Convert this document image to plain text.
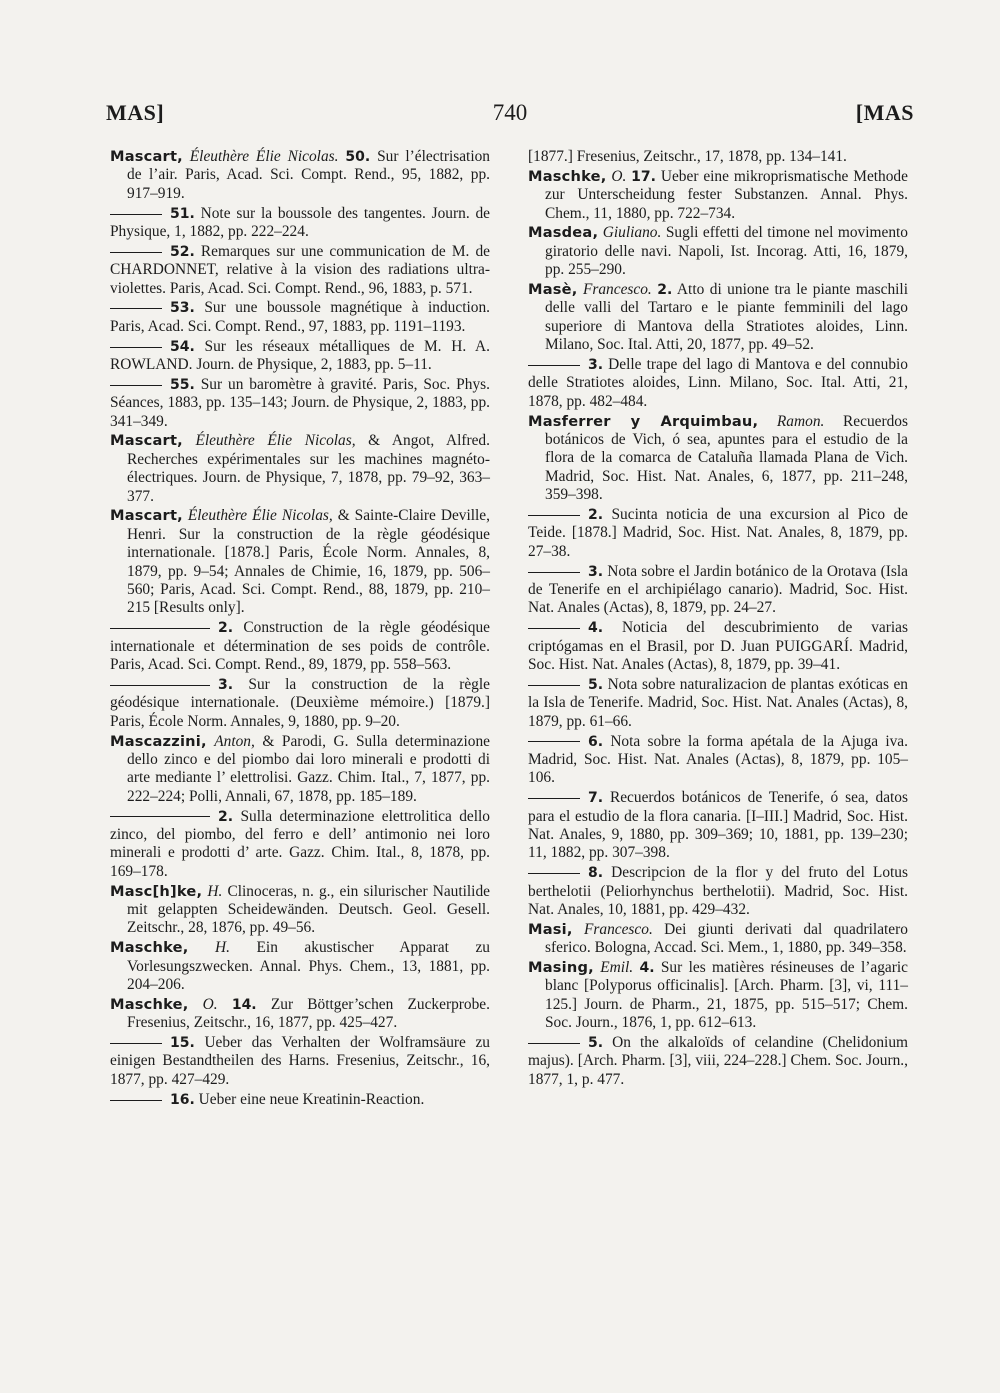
MAS]	740	[MAS

Mascart, Éleuthère Élie Nicolas. 50. Sur l’électrisation de l’air. Paris, Acad. Sci. Compt. Rend., 95, 1882, pp. 917–919.

51. Note sur la boussole des tangentes. Journ. de Physique, 1, 1882, pp. 222–224.

52. Remarques sur une communication de M. de CHARDONNET, relative à la vision des radiations ultra-violettes. Paris, Acad. Sci. Compt. Rend., 96, 1883, p. 571.

53. Sur une boussole magnétique à induction. Paris, Acad. Sci. Compt. Rend., 97, 1883, pp. 1191–1193.

54. Sur les réseaux métalliques de M. H. A. ROWLAND. Journ. de Physique, 2, 1883, pp. 5–11.

55. Sur un baromètre à gravité. Paris, Soc. Phys. Séances, 1883, pp. 135–143; Journ. de Physique, 2, 1883, pp. 341–349.

Mascart, Éleuthère Élie Nicolas, & Angot, Alfred. Recherches expérimentales sur les machines magnéto-électriques. Journ. de Physique, 7, 1878, pp. 79–92, 363–377.

Mascart, Éleuthère Élie Nicolas, & Sainte-Claire Deville, Henri. Sur la construction de la règle géodésique internationale. [1878.] Paris, École Norm. Annales, 8, 1879, pp. 9–54; Annales de Chimie, 16, 1879, pp. 506–560; Paris, Acad. Sci. Compt. Rend., 88, 1879, pp. 210–215 [Results only].

2. Construction de la règle géodésique internationale et détermination de ses poids de contrôle. Paris, Acad. Sci. Compt. Rend., 89, 1879, pp. 558–563.

3. Sur la construction de la règle géodésique internationale. (Deuxième mémoire.) [1879.] Paris, École Norm. Annales, 9, 1880, pp. 9–20.

Mascazzini, Anton, & Parodi, G. Sulla determinazione dello zinco e del piombo dai loro minerali e prodotti di arte mediante l’ elettrolisi. Gazz. Chim. Ital., 7, 1877, pp. 222–224; Polli, Annali, 67, 1878, pp. 185–189.

2. Sulla determinazione elettrolitica dello zinco, del piombo, del ferro e dell’ antimonio nei loro minerali e prodotti d’ arte. Gazz. Chim. Ital., 8, 1878, pp. 169–178.

Masc[h]ke, H. Clinoceras, n. g., ein silurischer Nautilide mit gelappten Scheidewänden. Deutsch. Geol. Gesell. Zeitschr., 28, 1876, pp. 49–56.

Maschke, H. Ein akustischer Apparat zu Vorlesungszwecken. Annal. Phys. Chem., 13, 1881, pp. 204–206.

Maschke, O. 14. Zur Böttger’schen Zuckerprobe. Fresenius, Zeitschr., 16, 1877, pp. 425–427.

15. Ueber das Verhalten der Wolframsäure zu einigen Bestandtheilen des Harns. Fresenius, Zeitschr., 16, 1877, pp. 427–429.

16. Ueber eine neue Kreatinin-Reaction.

[1877.] Fresenius, Zeitschr., 17, 1878, pp. 134–141.

Maschke, O. 17. Ueber eine mikroprismatische Methode zur Unterscheidung fester Substanzen. Annal. Phys. Chem., 11, 1880, pp. 722–734.

Masdea, Giuliano. Sugli effetti del timone nel movimento giratorio delle navi. Napoli, Ist. Incorag. Atti, 16, 1879, pp. 255–290.

Masè, Francesco. 2. Atto di unione tra le piante maschili delle valli del Tartaro e le piante femminili del lago superiore di Mantova della Stratiotes aloides, Linn. Milano, Soc. Ital. Atti, 20, 1877, pp. 49–52.

3. Delle trape del lago di Mantova e del connubio delle Stratiotes aloides, Linn. Milano, Soc. Ital. Atti, 21, 1878, pp. 482–484.

Masferrer y Arquimbau, Ramon. Recuerdos botánicos de Vich, ó sea, apuntes para el estudio de la flora de la comarca de Cataluña llamada Plana de Vich. Madrid, Soc. Hist. Nat. Anales, 6, 1877, pp. 211–248, 359–398.

2. Sucinta noticia de una excursion al Pico de Teide. [1878.] Madrid, Soc. Hist. Nat. Anales, 8, 1879, pp. 27–38.

3. Nota sobre el Jardin botánico de la Orotava (Isla de Tenerife en el archipiélago canario). Madrid, Soc. Hist. Nat. Anales (Actas), 8, 1879, pp. 24–27.

4. Noticia del descubrimiento de varias criptógamas en el Brasil, por D. Juan PUIGGARÍ. Madrid, Soc. Hist. Nat. Anales (Actas), 8, 1879, pp. 39–41.

5. Nota sobre naturalizacion de plantas exóticas en la Isla de Tenerife. Madrid, Soc. Hist. Nat. Anales (Actas), 8, 1879, pp. 61–66.

6. Nota sobre la forma apétala de la Ajuga iva. Madrid, Soc. Hist. Nat. Anales (Actas), 8, 1879, pp. 105–106.

7. Recuerdos botánicos de Tenerife, ó sea, datos para el estudio de la flora canaria. [I–III.] Madrid, Soc. Hist. Nat. Anales, 9, 1880, pp. 309–369; 10, 1881, pp. 139–230; 11, 1882, pp. 307–398.

8. Descripcion de la flor y del fruto del Lotus berthelotii (Peliorhynchus berthelotii). Madrid, Soc. Hist. Nat. Anales, 10, 1881, pp. 429–432.

Masi, Francesco. Dei giunti derivati dal quadrilatero sferico. Bologna, Accad. Sci. Mem., 1, 1880, pp. 349–358.

Masing, Emil. 4. Sur les matières résineuses de l’agaric blanc [Polyporus officinalis]. [Arch. Pharm. [3], vi, 111–125.] Journ. de Pharm., 21, 1875, pp. 515–517; Chem. Soc. Journ., 1876, 1, pp. 612–613.

5. On the alkaloïds of celandine (Chelidonium majus). [Arch. Pharm. [3], viii, 224–228.] Chem. Soc. Journ., 1877, 1, p. 477.
